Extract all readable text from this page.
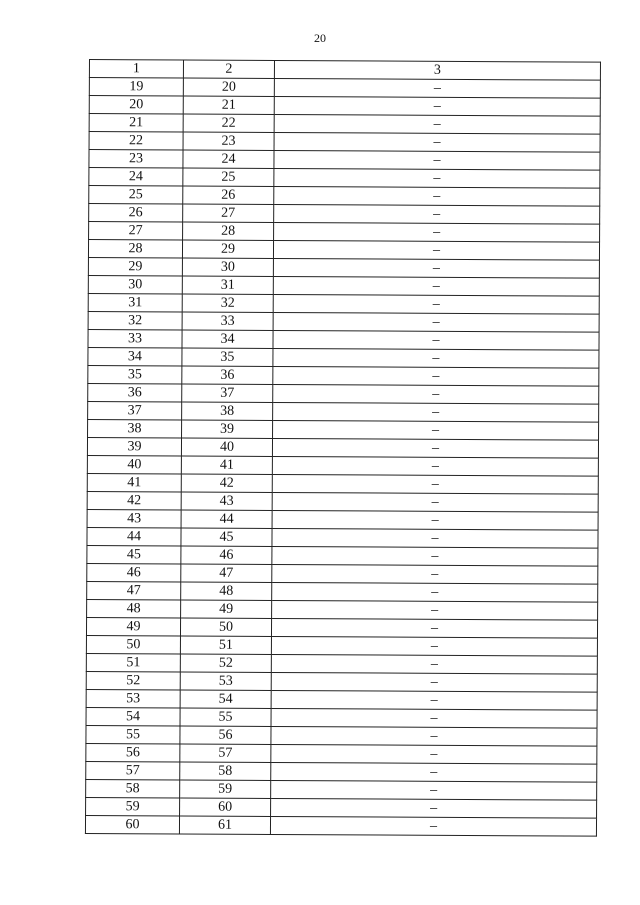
20
1	2	3
19	20	–
20	21	–
21	22	–
22	23	–
23	24	–
24	25	–
25	26	–
26	27	–
27	28	–
28	29	–
29	30	–
30	31	–
31	32	–
32	33	–
33	34	–
34	35	–
35	36	–
36	37	–
37	38	–
38	39	–
39	40	–
40	41	–
41	42	–
42	43	–
43	44	–
44	45	–
45	46	–
46	47	–
47	48	–
48	49	–
49	50	–
50	51	–
51	52	–
52	53	–
53	54	–
54	55	–
55	56	–
56	57	–
57	58	–
58	59	–
59	60	–
60	61	–
